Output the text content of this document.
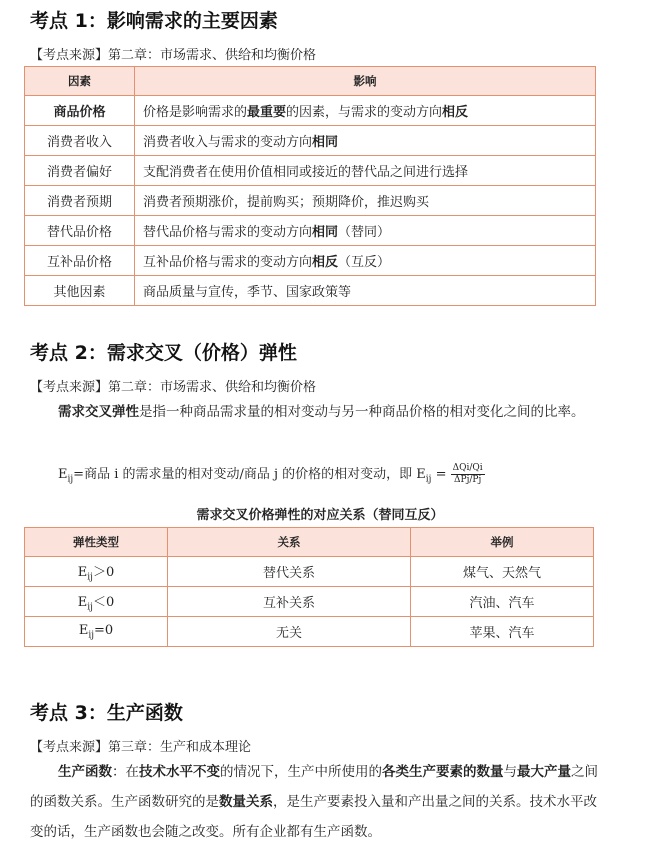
考点 1：影响需求的主要因素

【考点来源】第二章：市场需求、供给和均衡价格

因素	影响
商品价格	价格是影响需求的最重要的因素，与需求的变动方向相反
消费者收入	消费者收入与需求的变动方向相同
消费者偏好	支配消费者在使用价值相同或接近的替代品之间进行选择
消费者预期	消费者预期涨价，提前购买；预期降价，推迟购买
替代品价格	替代品价格与需求的变动方向相同（替同）
互补品价格	互补品价格与需求的变动方向相反（互反）
其他因素	商品质量与宣传，季节、国家政策等
考点 2：需求交叉（价格）弹性

【考点来源】第二章：市场需求、供给和均衡价格

需求交叉弹性是指一种商品需求量的相对变动与另一种商品价格的相对变化之间的比率。

$E_{ij}=$商品 i 的需求量的相对变动/商品 j 的价格的相对变动，即 $E_{ij} = \frac{\text{ΔQi/Qi}}{\text{ΔPj/Pj}}$
需求交叉价格弹性的对应关系（替同互反）
弹性类型	关系	举例
$E_{ij}>0$	替代关系	煤气、天然气
$E_{ij}<0$	互补关系	汽油、汽车
$E_{ij}=0$	无关	苹果、汽车
考点 3：生产函数

【考点来源】第三章：生产和成本理论

生产函数：在技术水平不变的情况下，生产中所使用的各类生产要素的数量与最大产量之间的函数关系。生产函数研究的是数量关系，是生产要素投入量和产出量之间的关系。技术水平改变的话，生产函数也会随之改变。所有企业都有生产函数。
